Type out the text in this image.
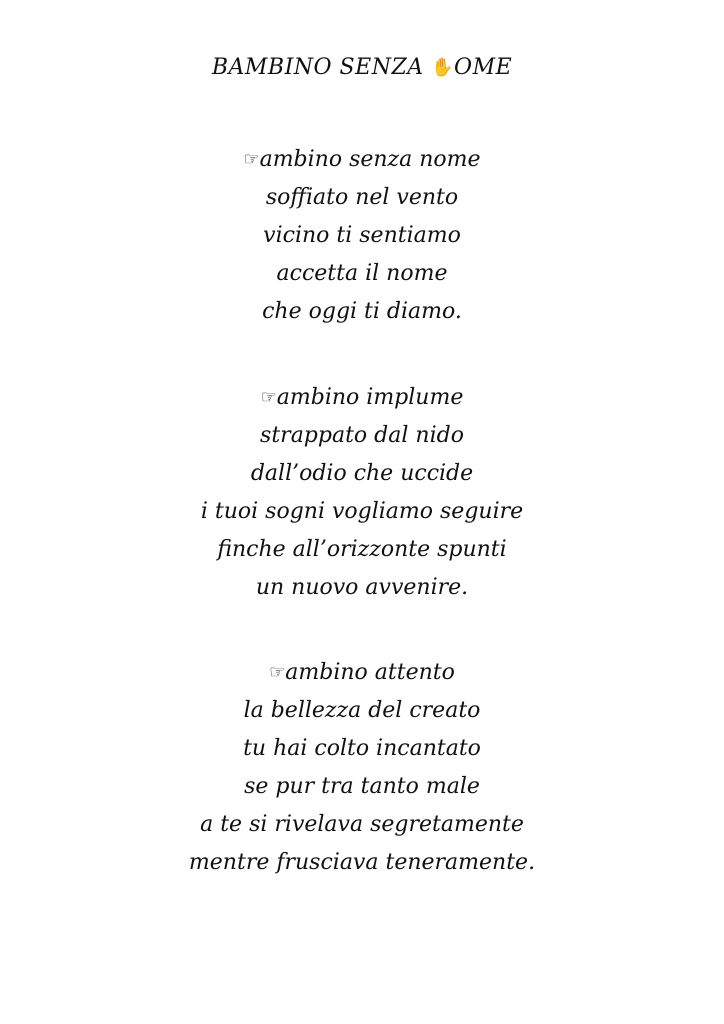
BAMBINO SENZA ✋OME
☞ambino senza nome
soffiato nel vento
vicino ti sentiamo
accetta il nome
che oggi ti diamo.
☞ambino implume
strappato dal nido
dall’odio che uccide
i tuoi sogni vogliamo seguire
finche all’orizzonte spunti
un nuovo avvenire.
☞ambino attento
la bellezza del creato
tu hai colto incantato
se pur tra tanto male
a te si rivelava segretamente
mentre frusciava teneramente.
